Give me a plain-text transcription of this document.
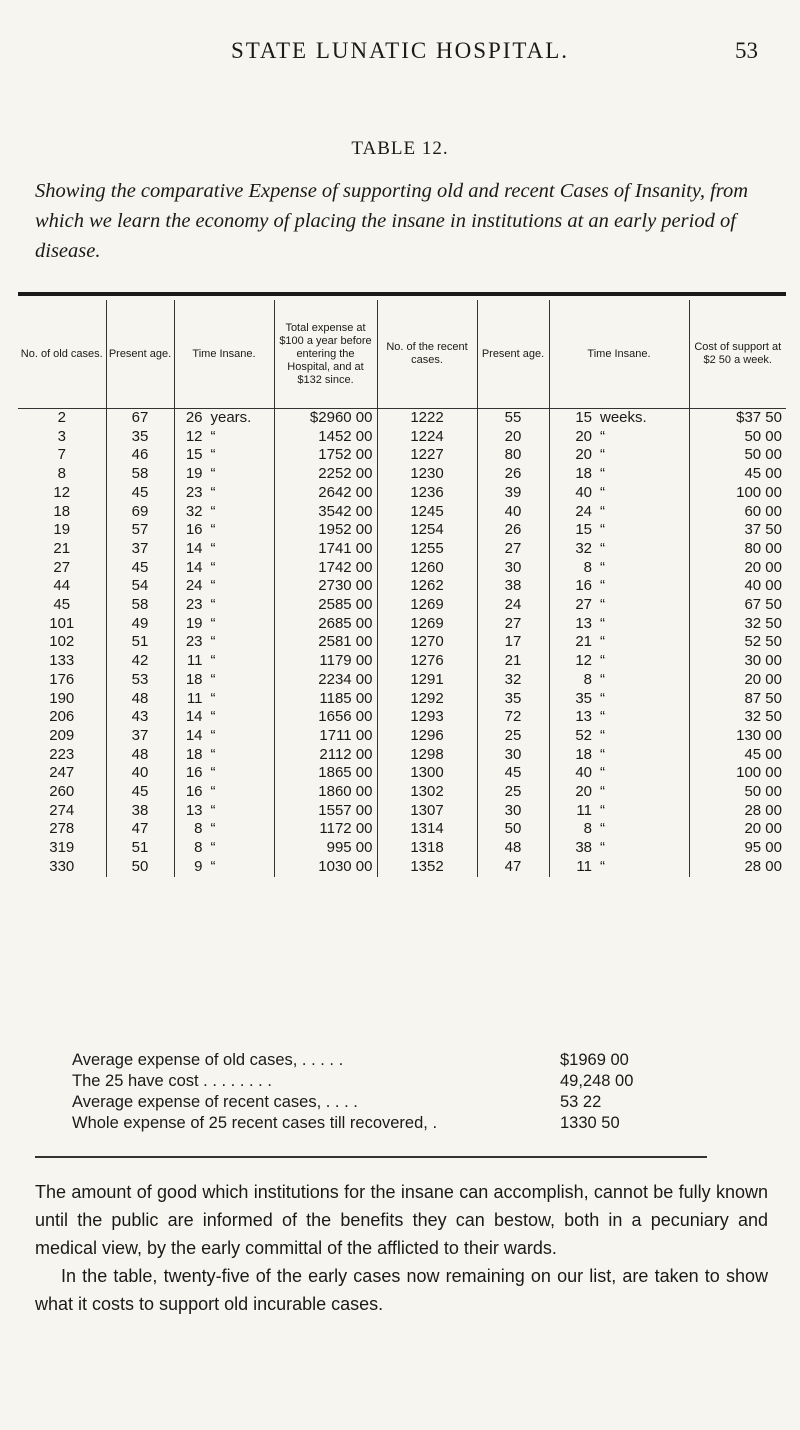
STATE LUNATIC HOSPITAL.	53
TABLE 12.
Showing the comparative Expense of supporting old and recent Cases of Insanity, from which we learn the economy of placing the insane in institutions at an early period of disease.
No. of old cases.	Present age.	Time Insane.	Total expense at $100 a year before entering the Hospital, and at $132 since.	No. of the recent cases.	Present age.	Time Insane.	Cost of support at $2 50 a week.
2	67	26 years.	$2960 00	1222	55	15 weeks.	$37 50
3	35	12 “	1452 00	1224	20	20 “	50 00
7	46	15 “	1752 00	1227	80	20 “	50 00
8	58	19 “	2252 00	1230	26	18 “	45 00
12	45	23 “	2642 00	1236	39	40 “	100 00
18	69	32 “	3542 00	1245	40	24 “	60 00
19	57	16 “	1952 00	1254	26	15 “	37 50
21	37	14 “	1741 00	1255	27	32 “	80 00
27	45	14 “	1742 00	1260	30	8 “	20 00
44	54	24 “	2730 00	1262	38	16 “	40 00
45	58	23 “	2585 00	1269	24	27 “	67 50
101	49	19 “	2685 00	1269	27	13 “	32 50
102	51	23 “	2581 00	1270	17	21 “	52 50
133	42	11 “	1179 00	1276	21	12 “	30 00
176	53	18 “	2234 00	1291	32	8 “	20 00
190	48	11 “	1185 00	1292	35	35 “	87 50
206	43	14 “	1656 00	1293	72	13 “	32 50
209	37	14 “	1711 00	1296	25	52 “	130 00
223	48	18 “	2112 00	1298	30	18 “	45 00
247	40	16 “	1865 00	1300	45	40 “	100 00
260	45	16 “	1860 00	1302	25	20 “	50 00
274	38	13 “	1557 00	1307	30	11 “	28 00
278	47	8 “	1172 00	1314	50	8 “	20 00
319	51	8 “	995 00	1318	48	38 “	95 00
330	50	9 “	1030 00	1352	47	11 “	28 00
Average expense of old cases, . . . . .	$1969 00
The 25 have cost . . . . . . . .	49,248 00
Average expense of recent cases, . . . .	53 22
Whole expense of 25 recent cases till recovered, .	1330 50

The amount of good which institutions for the insane can accomplish, cannot be fully known until the public are informed of the benefits they can bestow, both in a pecuniary and medical view, by the early committal of the afflicted to their wards.

In the table, twenty-five of the early cases now remaining on our list, are taken to show what it costs to support old incurable cases.
